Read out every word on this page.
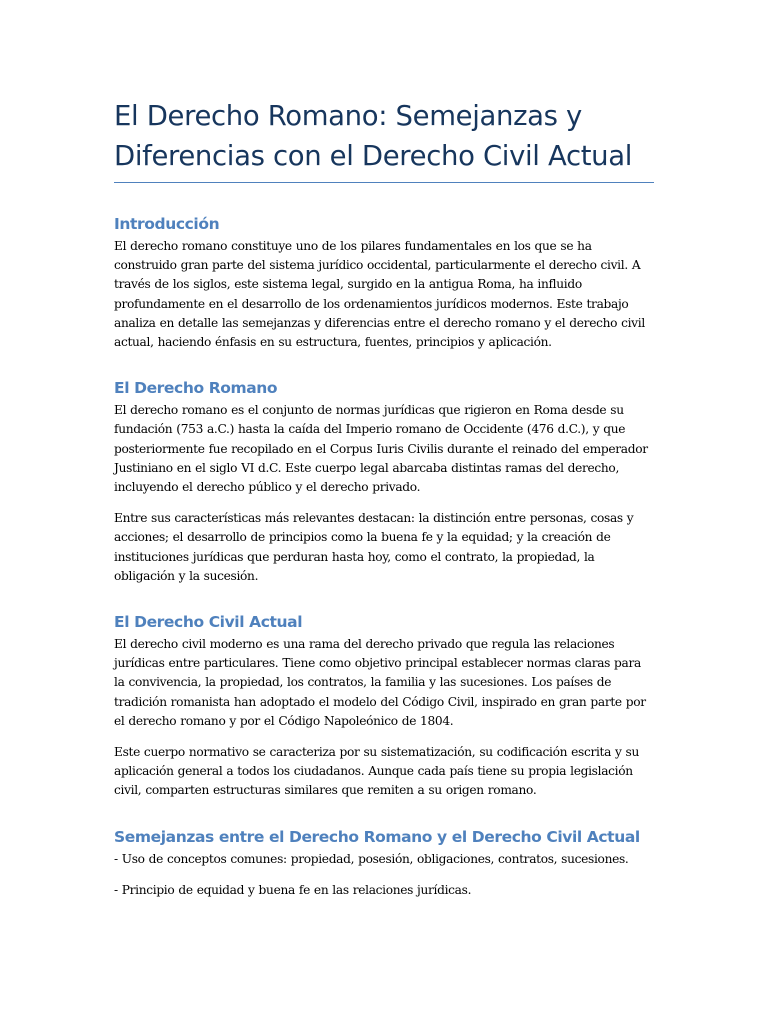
El Derecho Romano: Semejanzas y Diferencias con el Derecho Civil Actual
Introducción

El derecho romano constituye uno de los pilares fundamentales en los que se ha construido gran parte del sistema jurídico occidental, particularmente el derecho civil. A través de los siglos, este sistema legal, surgido en la antigua Roma, ha influido profundamente en el desarrollo de los ordenamientos jurídicos modernos. Este trabajo analiza en detalle las semejanzas y diferencias entre el derecho romano y el derecho civil actual, haciendo énfasis en su estructura, fuentes, principios y aplicación.

El Derecho Romano

El derecho romano es el conjunto de normas jurídicas que rigieron en Roma desde su fundación (753 a.C.) hasta la caída del Imperio romano de Occidente (476 d.C.), y que posteriormente fue recopilado en el Corpus Iuris Civilis durante el reinado del emperador Justiniano en el siglo VI d.C. Este cuerpo legal abarcaba distintas ramas del derecho, incluyendo el derecho público y el derecho privado.

Entre sus características más relevantes destacan: la distinción entre personas, cosas y acciones; el desarrollo de principios como la buena fe y la equidad; y la creación de instituciones jurídicas que perduran hasta hoy, como el contrato, la propiedad, la obligación y la sucesión.

El Derecho Civil Actual

El derecho civil moderno es una rama del derecho privado que regula las relaciones jurídicas entre particulares. Tiene como objetivo principal establecer normas claras para la convivencia, la propiedad, los contratos, la familia y las sucesiones. Los países de tradición romanista han adoptado el modelo del Código Civil, inspirado en gran parte por el derecho romano y por el Código Napoleónico de 1804.

Este cuerpo normativo se caracteriza por su sistematización, su codificación escrita y su aplicación general a todos los ciudadanos. Aunque cada país tiene su propia legislación civil, comparten estructuras similares que remiten a su origen romano.

Semejanzas entre el Derecho Romano y el Derecho Civil Actual

- Uso de conceptos comunes: propiedad, posesión, obligaciones, contratos, sucesiones.

- Principio de equidad y buena fe en las relaciones jurídicas.
